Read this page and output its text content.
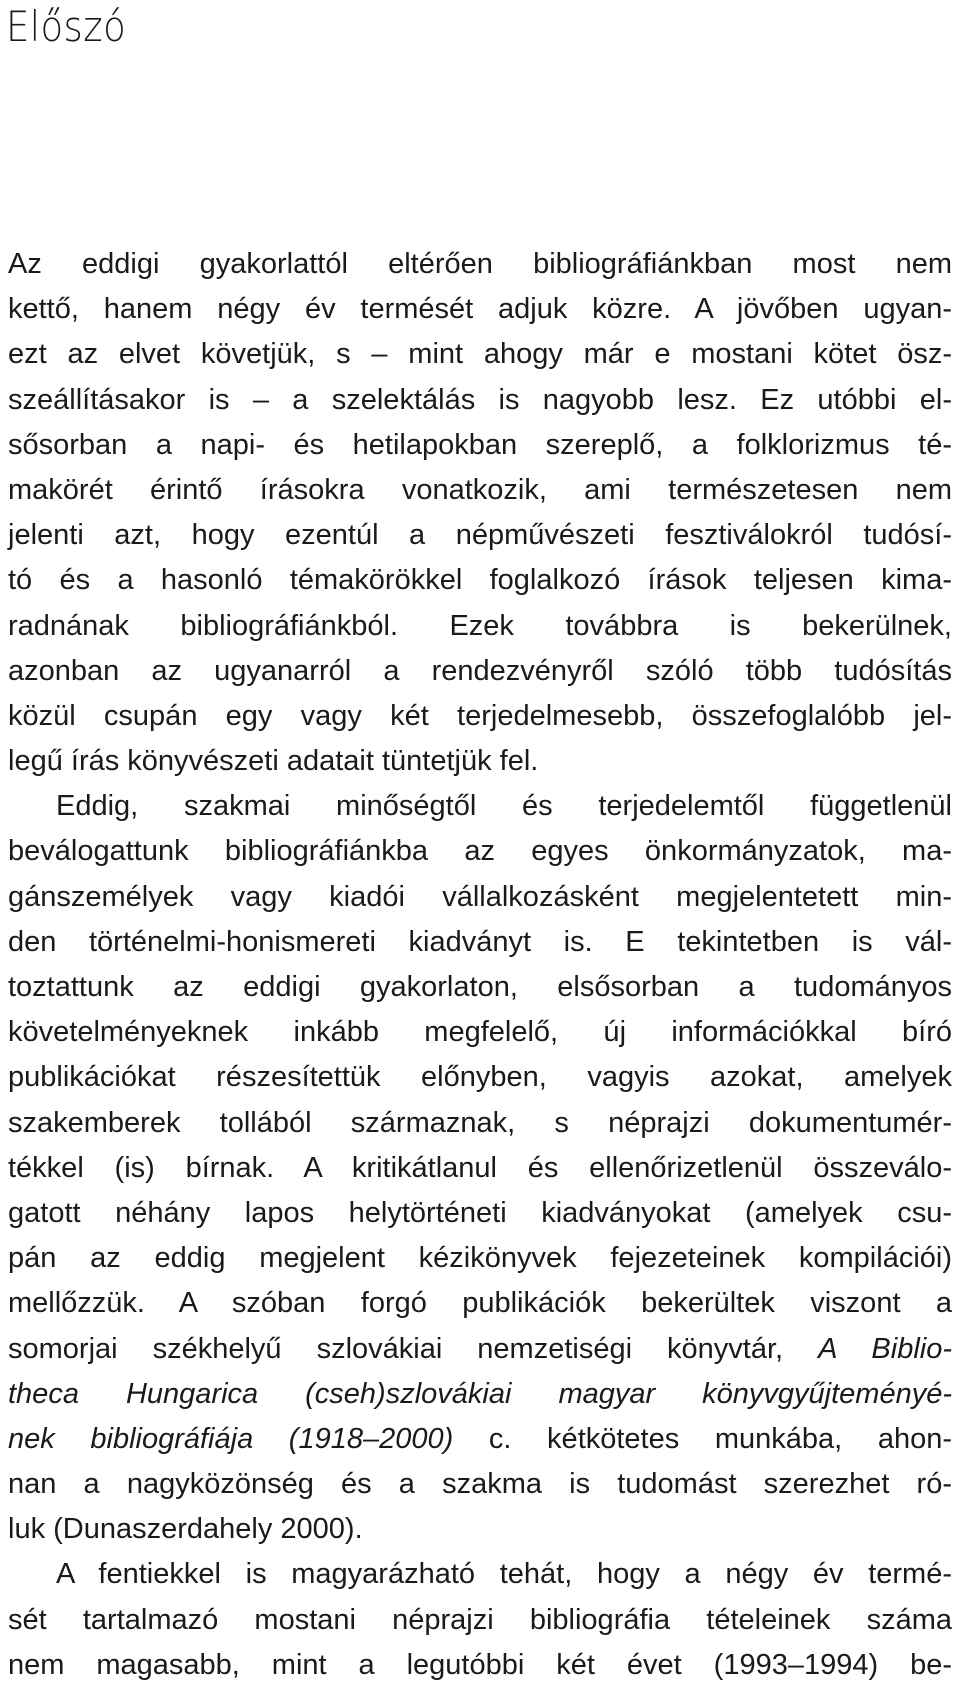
Előszó
Az eddigi gyakorlattól eltérően bibliográfiánkban most nem
kettő, hanem négy év termését adjuk közre. A jövőben ugyan-
ezt az elvet követjük, s – mint ahogy már e mostani kötet ösz-
szeállításakor is – a szelektálás is nagyobb lesz. Ez utóbbi el-
sősorban a napi- és hetilapokban szereplő, a folklorizmus té-
makörét érintő írásokra vonatkozik, ami természetesen nem
jelenti azt, hogy ezentúl a népművészeti fesztiválokról tudósí-
tó és a hasonló témakörökkel foglalkozó írások teljesen kima-
radnának bibliográfiánkból. Ezek továbbra is bekerülnek,
azonban az ugyanarról a rendezvényről szóló több tudósítás
közül csupán egy vagy két terjedelmesebb, összefoglalóbb jel-
legű írás könyvészeti adatait tüntetjük fel.
Eddig, szakmai minőségtől és terjedelemtől függetlenül
beválogattunk bibliográfiánkba az egyes önkormányzatok, ma-
gánszemélyek vagy kiadói vállalkozásként megjelentetett min-
den történelmi-honismereti kiadványt is. E tekintetben is vál-
toztattunk az eddigi gyakorlaton, elsősorban a tudományos
követelményeknek inkább megfelelő, új információkkal bíró
publikációkat részesítettük előnyben, vagyis azokat, amelyek
szakemberek tollából származnak, s néprajzi dokumentumér-
tékkel (is) bírnak. A kritikátlanul és ellenőrizetlenül összeválo-
gatott néhány lapos helytörténeti kiadványokat (amelyek csu-
pán az eddig megjelent kézikönyvek fejezeteinek kompilációi)
mellőzzük. A szóban forgó publikációk bekerültek viszont a
somorjai székhelyű szlovákiai nemzetiségi könyvtár, A Biblio-
theca Hungarica (cseh)szlovákiai magyar könyvgyűjteményé-
nek bibliográfiája (1918–2000) c. kétkötetes munkába, ahon-
nan a nagyközönség és a szakma is tudomást szerezhet ró-
luk (Dunaszerdahely 2000).
A fentiekkel is magyarázható tehát, hogy a négy év termé-
sét tartalmazó mostani néprajzi bibliográfia tételeinek száma
nem magasabb, mint a legutóbbi két évet (1993–1994) be-
